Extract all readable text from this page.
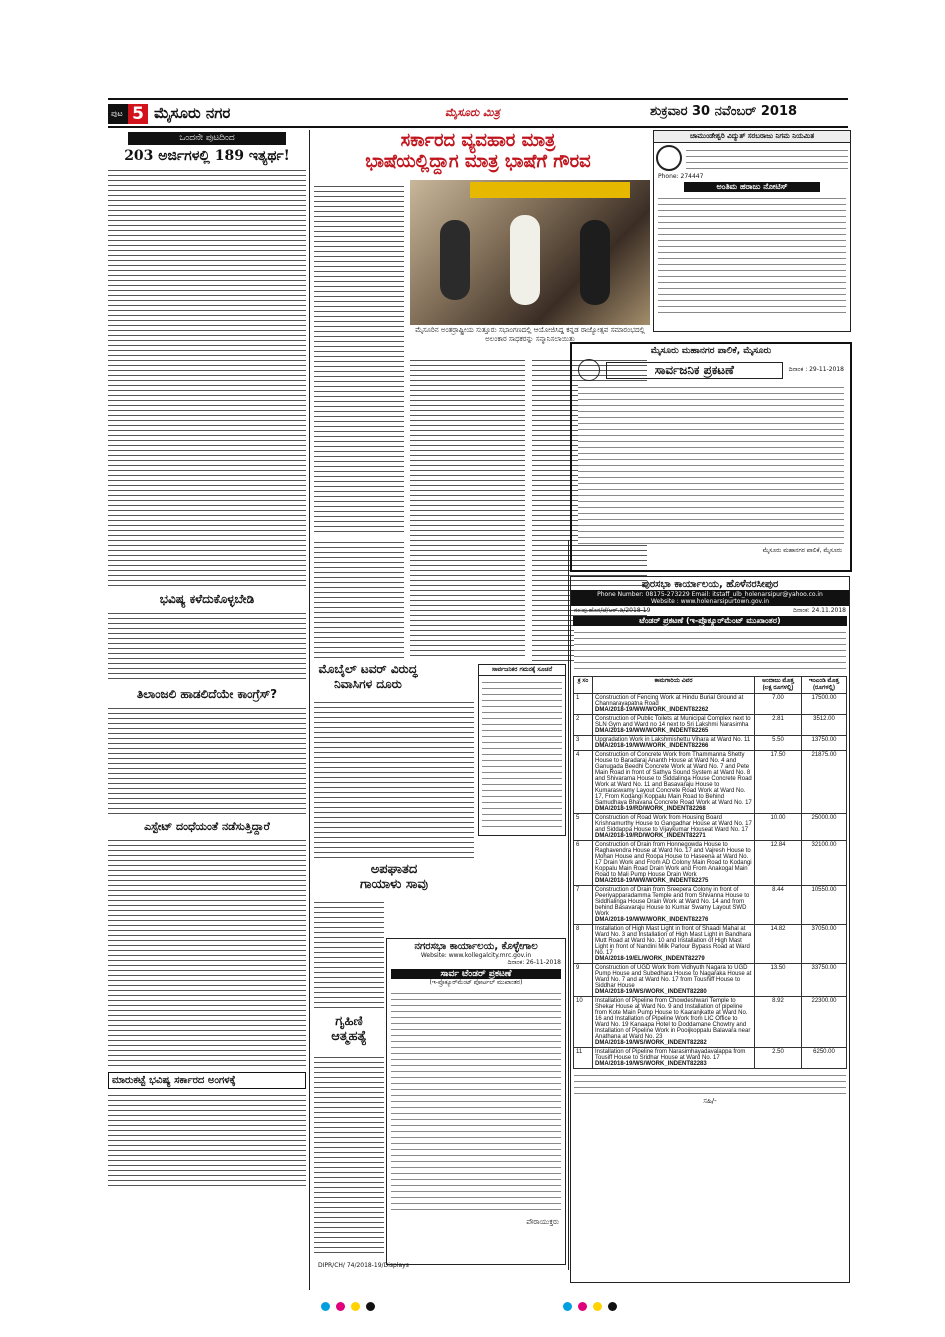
ಪುಟ 5 ಮೈಸೂರು ನಗರ	ಮೈಸೂರು ಮಿತ್ರ	ಶುಕ್ರವಾರ 30 ನವೆಂಬರ್ 2018
ಒಂದನೇ ಪುಟದಿಂದ
203 ಅರ್ಜಿಗಳಲ್ಲಿ 189 ಇತ್ಯರ್ಥ!
ಭವಿಷ್ಯ ಕಳೆದುಕೊಳ್ಳಬೇಡಿ
ತಿಲಾಂಜಲಿ ಹಾಡಲಿದೆಯೇ ಕಾಂಗ್ರೆಸ್?
ಎಸ್ಟೇಟ್ ದಂಧೆಯಂತೆ ನಡೆಸುತ್ತಿದ್ದಾರೆ
ಮಾರುಕಟ್ಟೆ ಭವಿಷ್ಯ ಸರ್ಕಾರದ ಅಂಗಳಕ್ಕೆ
ಸರ್ಕಾರದ ವ್ಯವಹಾರ ಮಾತ್ರ
ಭಾಷೆಯಲ್ಲಿದ್ದಾಗ ಮಾತ್ರ ಭಾಷೆಗೆ ಗೌರವ
ಮೈಸೂರಿನ ಅಂತರ್ರಾಷ್ಟ್ರೀಯ ಸುತ್ತೂರು ಸಭಾಂಗಣದಲ್ಲಿ ಆಯೋಜಿಸಿದ್ದ ಕನ್ನಡ ರಾಜ್ಯೋತ್ಸವ ಸಮಾರಂಭದಲ್ಲಿ ಅಲಂಕಾರ ಸಾಧಕರನ್ನು ಸನ್ಮಾನಿಸಲಾಯಿತು
ಮೊಬೈಲ್ ಟವರ್ ವಿರುದ್ಧ
ನಿವಾಸಿಗಳ ದೂರು
ಅಪಘಾತದ
ಗಾಯಾಳು ಸಾವು
ಗೃಹಿಣಿ
ಆತ್ಮಹತ್ಯೆ
ಸಾರ್ವಜನಿಕರ ಗಮನಕ್ಕೆ ಸೂಚನೆ
ನಗರಸಭಾ ಕಾರ್ಯಾಲಯ, ಕೊಳ್ಳೇಗಾಲ
Website: www.kollegalcity.mrc.gov.in
ದಿನಾಂಕ: 26-11-2018
ಸಾರ್ವ ಟೆಂಡರ್ ಪ್ರಕಟಣೆ
(ಇ-ಪ್ರೊಕ್ಯೂರ್‌ಮೆಂಟ್ ಪೋರ್ಟಲ್ ಮುಖಾಂತರ)
ಪೌರಾಯುಕ್ತರು
DIPR/CH/ 74/2018-19/Displays
ಚಾಮುಂಡೇಶ್ವರಿ ವಿದ್ಯುತ್ ಸರಬರಾಜು ನಿಗಮ ನಿಯಮಿತ
Phone: 274447
ಅಂತಿಮ ಹರಾಜು ನೋಟಿಸ್
ಮೈಸೂರು ಮಹಾನಗರ ಪಾಲಿಕೆ, ಮೈಸೂರು
ಸಾರ್ವಜನಿಕ ಪ್ರಕಟಣೆ	ದಿನಾಂಕ : 29-11-2018
ಮೈಸೂರು ಮಹಾನಗರ ಪಾಲಿಕೆ, ಮೈಸೂರು
ಪುರಸಭಾ ಕಾರ್ಯಾಲಯ, ಹೊಳೆನರಸೀಪುರ
Phone Number: 08175-273229 Email: itstaff_ulb_holenarsipur@yahoo.co.in
Website : www.holenarsipurtown.gov.in
ನಂ:ಪು.ಹೊನ/ಟೆ/ಆರ್.ಡಿ/2018-19	ದಿನಾಂಕ: 24.11.2018
ಟೆಂಡರ್ ಪ್ರಕಟಣೆ (ಇ-ಪ್ರೊಕ್ಯೂರ್‌ಮೆಂಟ್ ಮುಖಾಂತರ)
ಕ್ರ ಸಂ	ಕಾಮಗಾರಿಯ ವಿವರ	ಅಂದಾಜು ಮೊತ್ತ (ಲಕ್ಷ ರೂಗಳಲ್ಲಿ)	ಇಂಎಂಡಿ ಮೊತ್ತ (ರೂಗಳಲ್ಲಿ)
1	Construction of Fencing Work at Hindu Burial Ground at Channarayapatna Road
DMA/2018-19/WW/WORK_INDENT82262	7.00	17500.00
2	Construction of Public Toilets at Municipal Complex next to SLN Gym and Ward no 14 next to Sri Lakshmi Narasimha
DMA/2018-19/WW/WORK_INDENT82265	2.81	3512.00
3	Upgradation Work in Lakshmishettu Vihara at Ward No. 11
DMA/2018-19/WW/WORK_INDENT82266	5.50	13750.00
4	Construction of Concrete Work from Thammanna Shetty House to Baradaraj Ananth House at Ward No. 4 and Ganugada Beedhi Concrete Work at Ward No. 7 and Pete Main Road in front of Sathya Sound System at Ward No. 8 and Shivarama House to Siddalinga House Concrete Road Work at Ward No. 11 and Basavaraju House to Kumaraswamy Layout Concrete Road Work at Ward No. 17, From Kodangi Koppalu Main Road to Behind Samudhaya Bhavana Concrete Road Work at Ward No. 17
DMA/2018-19/RD/WORK_INDENT82268	17.50	21875.00
5	Construction of Road Work from Housing Board Krishnamurthy House to Gangadhar House at Ward No. 17 and Siddappa House to Vijaykumar Houseat Ward No. 17
DMA/2018-19/RD/WORK_INDENT82271	10.00	25000.00
6	Construction of Drain from Honnegowda House to Raghavendra House at Ward No. 17 and Vajresh House to Mohan House and Roopa House to Haseena at Ward No. 17 Drain Work and From AD Colony Main Road to Kodangi Koppalu Main Road Drain Work and From Anakogal Main Road to Mali Pump House Drain Work
DMA/2018-19/WW/WORK_INDENT82275	12.84	32100.00
7	Construction of Drain from Sreepera Colony in front of Peeriyapparadamma Temple and from Shivanna House to Siddhalinga House Drain Work at Ward No. 14 and from behind Basavaraju House to Kumar Swamy Layout SWD Work
DMA/2018-19/WW/WORK_INDENT82276	8.44	10550.00
8	Installation of High Mast Light in front of Shaadi Mahal at Ward No. 3 and Installation of High Mast Light in Bandhara Mutt Road at Ward No. 10 and Installation of High Mast Light in front of Nandini Milk Parlour Bypass Road at Ward No. 17
DMA/2018-19/EL/WORK_INDENT82279	14.82	37050.00
9	Construction of UGD Work from Vidhyuth Nagara to UGD Pump House and Subedhara House to Nagaraka House at Ward No. 7 and at Ward No. 17 from Toushiff House to Siddhar House
DMA/2018-19/WS/WORK_INDENT82280	13.50	33750.00
10	Installation of Pipeline from Chowdeshwari Temple to Shekar House at Ward No. 9 and Installation of pipeline from Kote Main Pump House to Kaaranjkatte at Ward No. 16 and Installation of Pipeline Work from LIC Office to Ward No. 19 Kanaapa Hotel to Doddamane Chowtry and Installation of Pipeline Work in Pooijkoppalu Balavara near Anathana at Ward No. 23
DMA/2018-19/WS/WORK_INDENT82282	8.92	22300.00
11	Installation of Pipeline from Narasimhayadavalappa from Tousiff House to Sridhar House at Ward No. 17
DMA/2018-19/WS/WORK_INDENT82283	2.50	6250.00
ಸಹಿ/-
